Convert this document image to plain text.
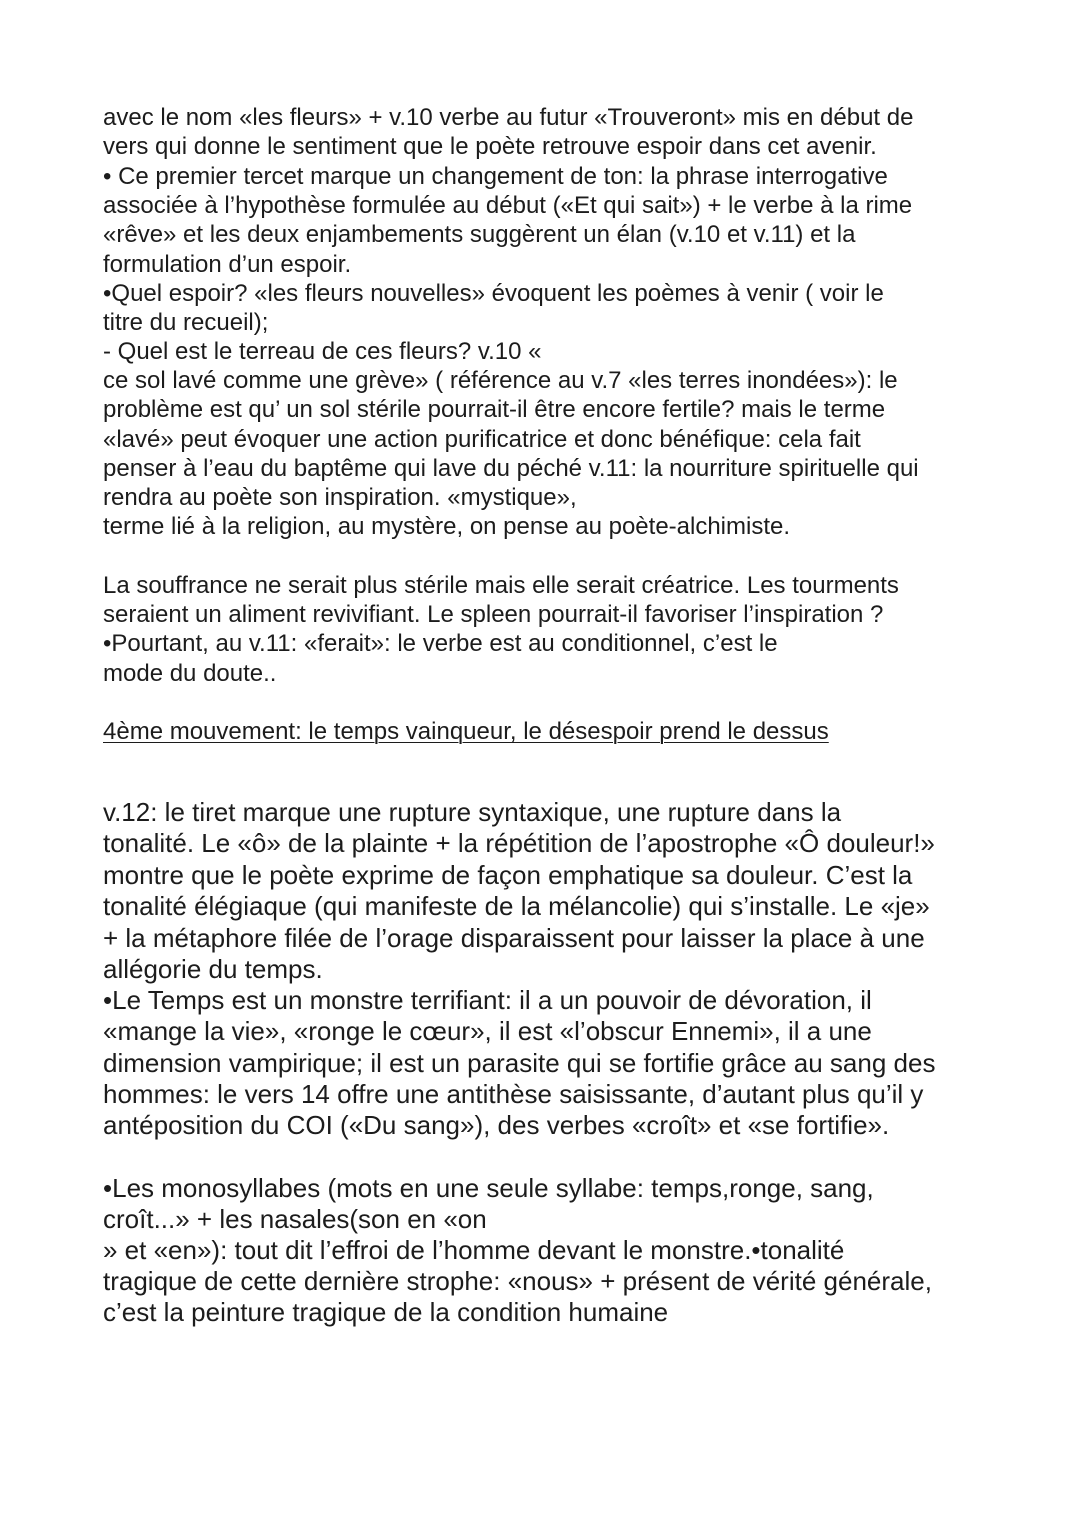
avec le nom «les fleurs» + v.10 verbe au futur «Trouveront» mis en début de

vers qui donne le sentiment que le poète retrouve espoir dans cet avenir.

• Ce premier tercet marque un changement de ton: la phrase interrogative

associée à l’hypothèse formulée au début («Et qui sait») + le verbe à la rime

«rêve» et les deux enjambements suggèrent un élan (v.10 et v.11) et la

formulation d’un espoir.

•Quel espoir? «les fleurs nouvelles» évoquent les poèmes à venir ( voir le

titre du recueil);

- Quel est le terreau de ces fleurs? v.10 «

ce sol lavé comme une grève» ( référence au v.7 «les terres inondées»): le

problème est qu’ un sol stérile pourrait-il être encore fertile? mais le terme

«lavé» peut évoquer une action purificatrice et donc bénéfique: cela fait

penser à l’eau du baptême qui lave du péché v.11: la nourriture spirituelle qui

rendra au poète son inspiration. «mystique»,

terme lié à la religion, au mystère, on pense au poète-alchimiste.

La souffrance ne serait plus stérile mais elle serait créatrice. Les tourments

seraient un aliment revivifiant. Le spleen pourrait-il favoriser l’inspiration ?

•Pourtant, au v.11: «ferait»: le verbe est au conditionnel, c’est le

mode du doute..

4ème mouvement: le temps vainqueur, le désespoir prend le dessus

v.12: le tiret marque une rupture syntaxique, une rupture dans la

tonalité. Le «ô» de la plainte + la répétition de l’apostrophe «Ô douleur!»

montre que le poète exprime de façon emphatique sa douleur. C’est la

tonalité élégiaque (qui manifeste de la mélancolie) qui s’installe. Le «je»

+ la métaphore filée de l’orage disparaissent pour laisser la place à une

allégorie du temps.

•Le Temps est un monstre terrifiant: il a un pouvoir de dévoration, il

«mange la vie», «ronge le cœur», il est «l’obscur Ennemi», il a une

dimension vampirique; il est un parasite qui se fortifie grâce au sang des

hommes: le vers 14 offre une antithèse saisissante, d’autant plus qu’il y

antéposition du COI («Du sang»), des verbes «croît» et «se fortifie».

•Les monosyllabes (mots en une seule syllabe: temps,ronge, sang,

croît...» + les nasales(son en «on

» et «en»): tout dit l’effroi de l’homme devant le monstre.•tonalité

tragique de cette dernière strophe: «nous» + présent de vérité générale,

c’est la peinture tragique de la condition humaine
